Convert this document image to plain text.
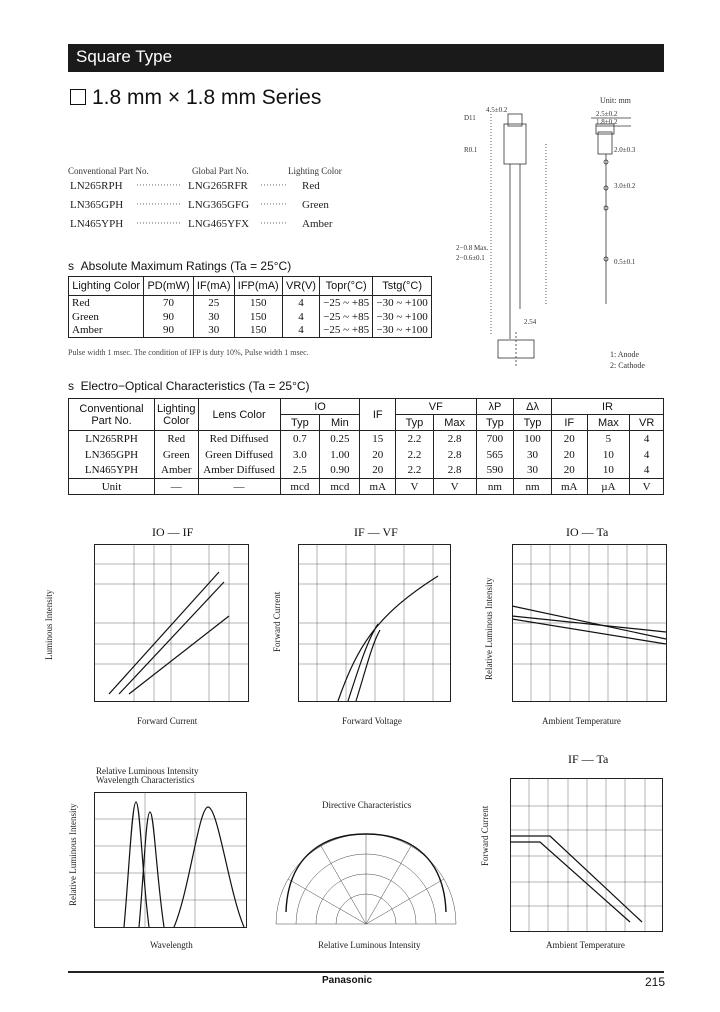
Square Type
1.8 mm × 1.8 mm Series
Conventional Part No.	Global Part No.	Lighting Color
LN265RPH ··············· LNG265RFR ········· Red
LN365GPH ··············· LNG365GFG ········· Green
LN465YPH ··············· LNG465YFX ········· Amber
Unit: mm
4.5±0.2
D11
R0.1
2.5±0.2
1.8±0.2
2.0±0.3
3.0±0.2
0.5±0.1
2−0.8 Max.
2−0.6±0.1
2.54
1: Anode
2: Cathode
s  Absolute Maximum Ratings (Ta = 25°C)
Lighting Color	PD(mW)	IF(mA)	IFP(mA)	VR(V)	Topr(°C)	Tstg(°C)
Red	70	25	150	4	−25 ~ +85	−30 ~ +100
Green	90	30	150	4	−25 ~ +85	−30 ~ +100
Amber	90	30	150	4	−25 ~ +85	−30 ~ +100
Pulse width 1 msec. The condition of IFP is duty 10%, Pulse width 1 msec.
s  Electro−Optical Characteristics (Ta = 25°C)
Conventional Part No.	Lighting Color	Lens Color	IO		IF	VF		λP	Δλ	IR		
			Typ	Min		Typ	Max	Typ	Typ	IF	Max	VR
LN265RPH	Red	Red Diffused	0.7	0.25	15	2.2	2.8	700	100	20	5	4
LN365GPH	Green	Green Diffused	3.0	1.00	20	2.2	2.8	565	30	20	10	4
LN465YPH	Amber	Amber Diffused	2.5	0.90	20	2.2	2.8	590	30	20	10	4
Unit	—	—	mcd	mcd	mA	V	V	nm	nm	mA	µA	V
IO — IF
Forward Current
Luminous Intensity
IF — VF
Forward Voltage
Forward Current
IO — Ta
Ambient Temperature
Relative Luminous Intensity
Relative Luminous Intensity Wavelength Characteristics
Wavelength
Relative Luminous Intensity	Directive Characteristics
Relative Luminous Intensity
IF — Ta
Ambient Temperature
Forward Current
Panasonic	215
